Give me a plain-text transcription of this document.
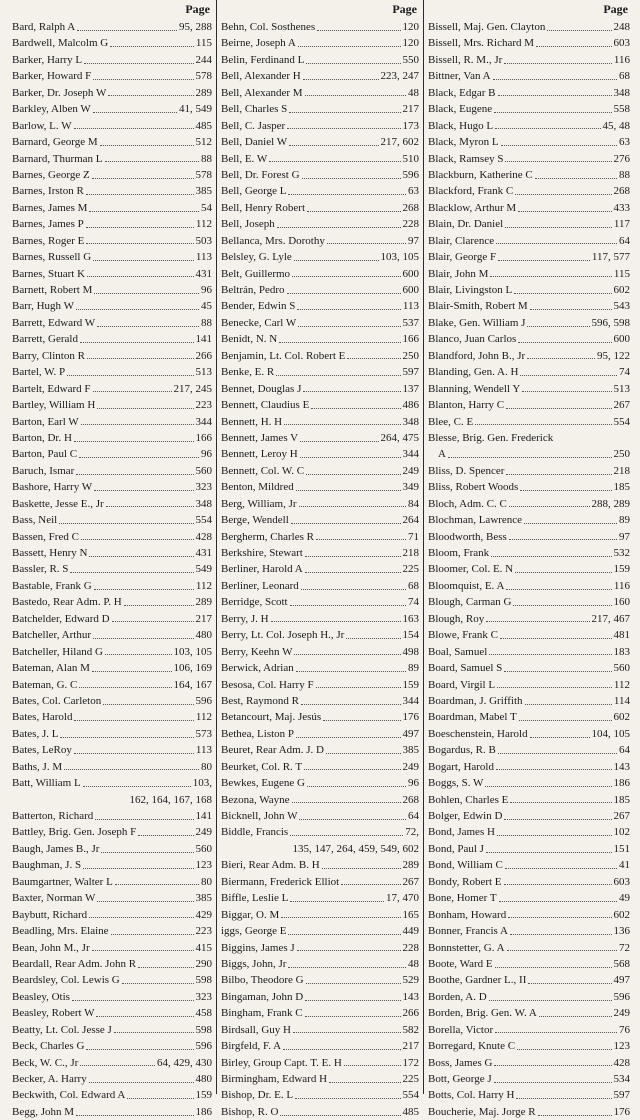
Page
Bard, Ralph A	95, 288
Bardwell, Malcolm G	115
Barker, Harry L	244
Barker, Howard F	578
Barker, Dr. Joseph W	289
Barkley, Alben W	41, 549
Barlow, L. W	485
Barnard, George M	512
Barnard, Thurman L	88
Barnes, George Z	578
Barnes, Irston R	385
Barnes, James M	54
Barnes, James P	112
Barnes, Roger E	503
Barnes, Russell G	113
Barnes, Stuart K	431
Barnett, Robert M	96
Barr, Hugh W	45
Barrett, Edward W	88
Barrett, Gerald	141
Barry, Clinton R	266
Bartel, W. P	513
Bartelt, Edward F	217, 245
Bartley, William H	223
Barton, Earl W	344
Barton, Dr. H	166
Barton, Paul C	96
Baruch, Ismar	560
Bashore, Harry W	323
Baskette, Jesse E., Jr	348
Bass, Neil	554
Bassen, Fred C	428
Bassett, Henry N	431
Bassler, R. S	549
Bastable, Frank G	112
Bastedo, Rear Adm. P. H	289
Batchelder, Edward D	217
Batcheller, Arthur	480
Batcheller, Hiland G	103, 105
Bateman, Alan M	106, 169
Bateman, G. C	164, 167
Bates, Col. Carleton	596
Bates, Harold	112
Bates, J. L	573
Bates, LeRoy	113
Baths, J. M	80
Batt, William L	103,
162, 164, 167, 168
Batterton, Richard	141
Battley, Brig. Gen. Joseph F	249
Baugh, James B., Jr	560
Baughman, J. S	123
Baumgartner, Walter L	80
Baxter, Norman W	385
Baybutt, Richard	429
Beadling, Mrs. Elaine	223
Bean, John M., Jr	415
Beardall, Rear Adm. John R	290
Beardsley, Col. Lewis G	598
Beasley, Otis	323
Beasley, Robert W	458
Beatty, Lt. Col. Jesse J	598
Beck, Charles G	596
Beck, W. C., Jr	64, 429, 430
Becker, A. Harry	480
Beckwith, Col. Edward A	159
Begg, John M	186
Page
Behn, Col. Sosthenes	120
Beirne, Joseph A	120
Belin, Ferdinand L	550
Bell, Alexander H	223, 247
Bell, Alexander M	48
Bell, Charles S	217
Bell, C. Jasper	173
Bell, Daniel W	217, 602
Bell, E. W	510
Bell, Dr. Forest G	596
Bell, George L	63
Bell, Henry Robert	268
Bell, Joseph	228
Bellanca, Mrs. Dorothy	97
Belsley, G. Lyle	103, 105
Belt, Guillermo	600
Beltrán, Pedro	600
Bender, Edwin S	113
Benecke, Carl W	537
Benidt, N. N	166
Benjamin, Lt. Col. Robert E	250
Benke, E. R	597
Bennet, Douglas J	137
Bennett, Claudius E	486
Bennett, H. H	348
Bennett, James V	264, 475
Bennett, Leroy H	344
Bennett, Col. W. C	249
Benton, Mildred	349
Berg, William, Jr	84
Berge, Wendell	264
Bergherm, Charles R	71
Berkshire, Stewart	218
Berliner, Harold A	225
Berliner, Leonard	68
Berridge, Scott	74
Berry, J. H	163
Berry, Lt. Col. Joseph H., Jr	154
Berry, Keehn W	498
Berwick, Adrian	89
Besosa, Col. Harry F	159
Best, Raymond R	344
Betancourt, Maj. Jesús	176
Bethea, Liston P	497
Beuret, Rear Adm. J. D	385
Beurket, Col. R. T	249
Bewkes, Eugene G	96
Bezona, Wayne	268
Bicknell, John W	64
Biddle, Francis	72,
135, 147, 264, 459, 549, 602
Bieri, Rear Adm. B. H	289
Biermann, Frederick Elliot	267
Biffle, Leslie L	17, 470
Biggar, O. M	165
iggs, George E	449
Biggins, James J	228
Biggs, John, Jr	48
Bilbo, Theodore G	529
Bingaman, John D	143
Bingham, Frank C	266
Birdsall, Guy H	582
Birgfeld, F. A	217
Birley, Group Capt. T. E. H	172
Birmingham, Edward H	225
Bishop, Dr. E. L	554
Bishop, R. O	485
Page
Bissell, Maj. Gen. Clayton	248
Bissell, Mrs. Richard M	603
Bissell, R. M., Jr	116
Bittner, Van A	68
Black, Edgar B	348
Black, Eugene	558
Black, Hugo L	45, 48
Black, Myron L	63
Black, Ramsey S	276
Blackburn, Katherine C	88
Blackford, Frank C	268
Blacklow, Arthur M	433
Blain, Dr. Daniel	117
Blair, Clarence	64
Blair, George F	117, 577
Blair, John M	115
Blair, Livingston L	602
Blair-Smith, Robert M	543
Blake, Gen. William J	596, 598
Blanco, Juan Carlos	600
Blandford, John B., Jr	95, 122
Blanding, Gen. A. H	74
Blanning, Wendell Y	513
Blanton, Harry C	267
Blee, C. E	554
Blesse, Brig. Gen. Frederick
A	250
Bliss, D. Spencer	218
Bliss, Robert Woods	185
Bloch, Adm. C. C	288, 289
Blochman, Lawrence	89
Bloodworth, Bess	97
Bloom, Frank	532
Bloomer, Col. E. N	159
Bloomquist, E. A	116
Blough, Carman G	160
Blough, Roy	217, 467
Blowe, Frank C	481
Boal, Samuel	183
Board, Samuel S	560
Board, Virgil L	112
Boardman, J. Griffith	114
Boardman, Mabel T	602
Boeschenstein, Harold	104, 105
Bogardus, R. B	64
Bogart, Harold	143
Boggs, S. W	186
Bohlen, Charles E	185
Bolger, Edwin D	267
Bond, James H	102
Bond, Paul J	151
Bond, William C	41
Bondy, Robert E	603
Bone, Homer T	49
Bonham, Howard	602
Bonner, Francis A	136
Bonnstetter, G. A	72
Boote, Ward E	568
Boothe, Gardner L., II	497
Borden, A. D	596
Borden, Brig. Gen. W. A	249
Borella, Victor	76
Borregard, Knute C	123
Boss, James G	428
Bott, George J	534
Botts, Col. Harry H	597
Boucherie, Maj. Jorge R	176
